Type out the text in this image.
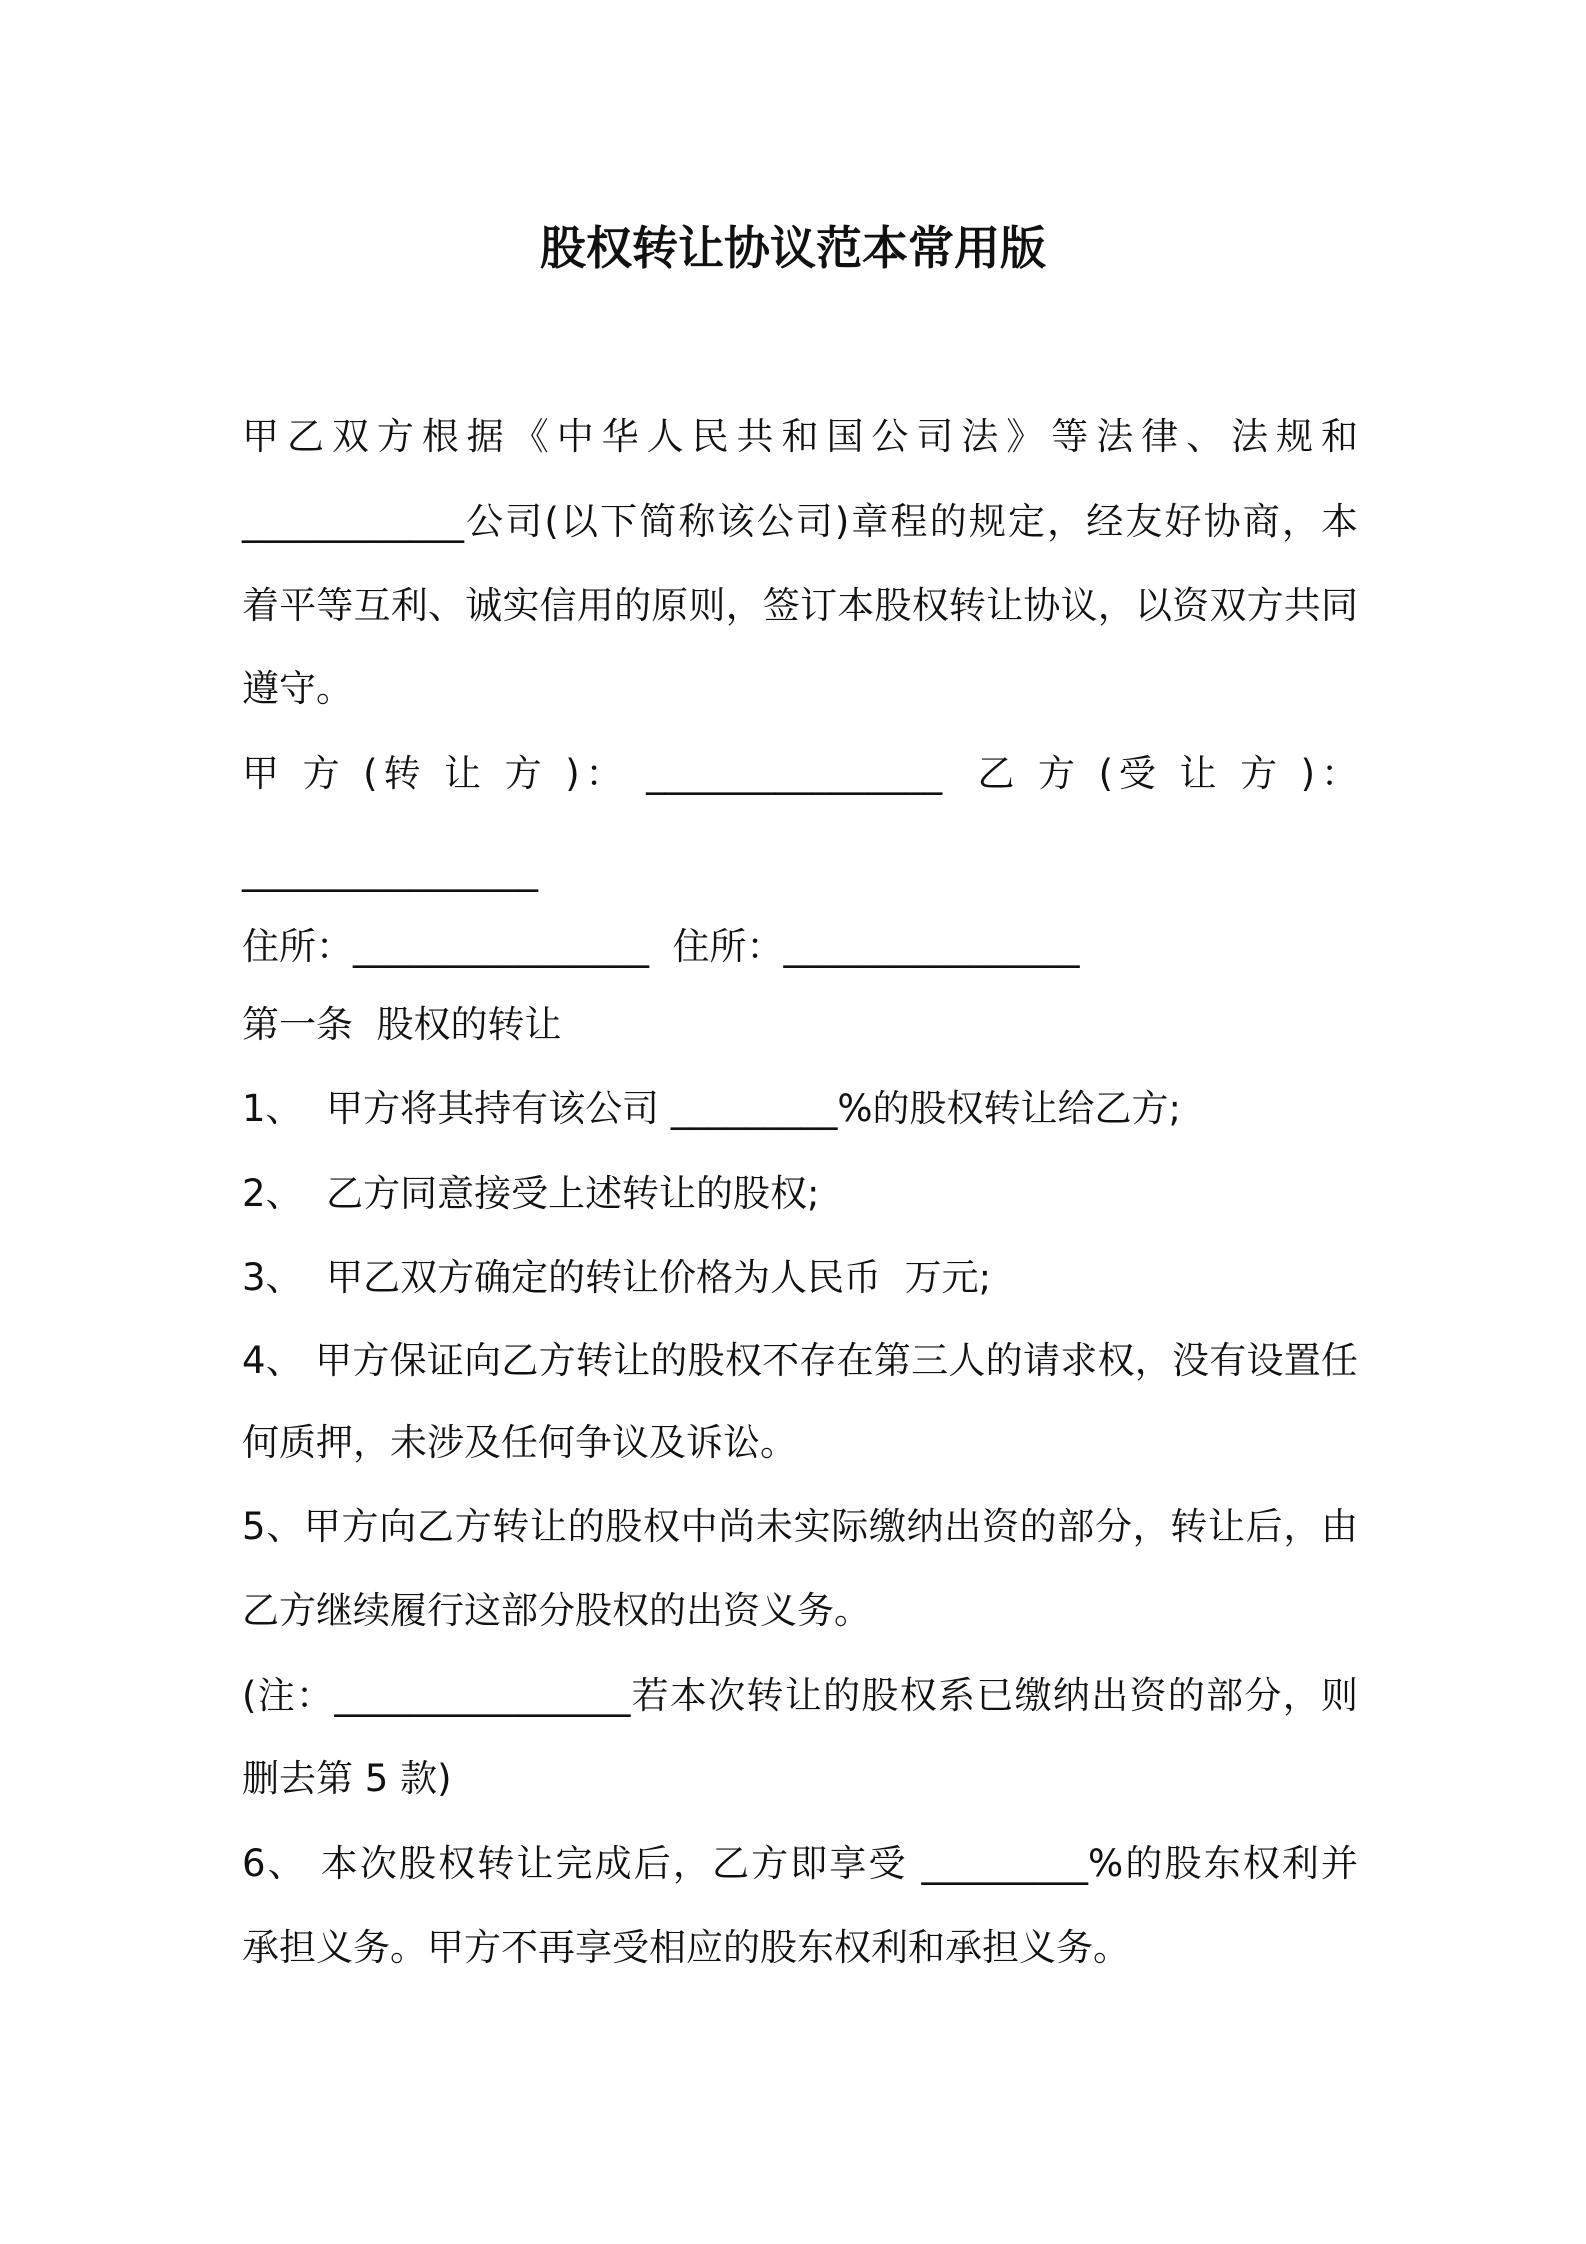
股权转让协议范本常用版
甲乙双方根据《中华人民共和国公司法》等法律、法规和
____________公司(以下简称该公司)章程的规定，经友好协商，本
着平等互利、诚实信用的原则，签订本股权转让协议，以资双方共同
遵守。
甲 方 (转 让 方 )： ________________  乙 方 (受 让 方 )：
________________
住所：________________  住所：________________
第一条  股权的转让
1、  甲方将其持有该公司 _________%的股权转让给乙方;
2、  乙方同意接受上述转让的股权;
3、  甲乙双方确定的转让价格为人民币  万元;
4、 甲方保证向乙方转让的股权不存在第三人的请求权，没有设置任
何质押，未涉及任何争议及诉讼。
5、甲方向乙方转让的股权中尚未实际缴纳出资的部分，转让后，由
乙方继续履行这部分股权的出资义务。
(注：________________若本次转让的股权系已缴纳出资的部分，则
删去第 5 款)
6、 本次股权转让完成后，乙方即享受 _________%的股东权利并
承担义务。甲方不再享受相应的股东权利和承担义务。
